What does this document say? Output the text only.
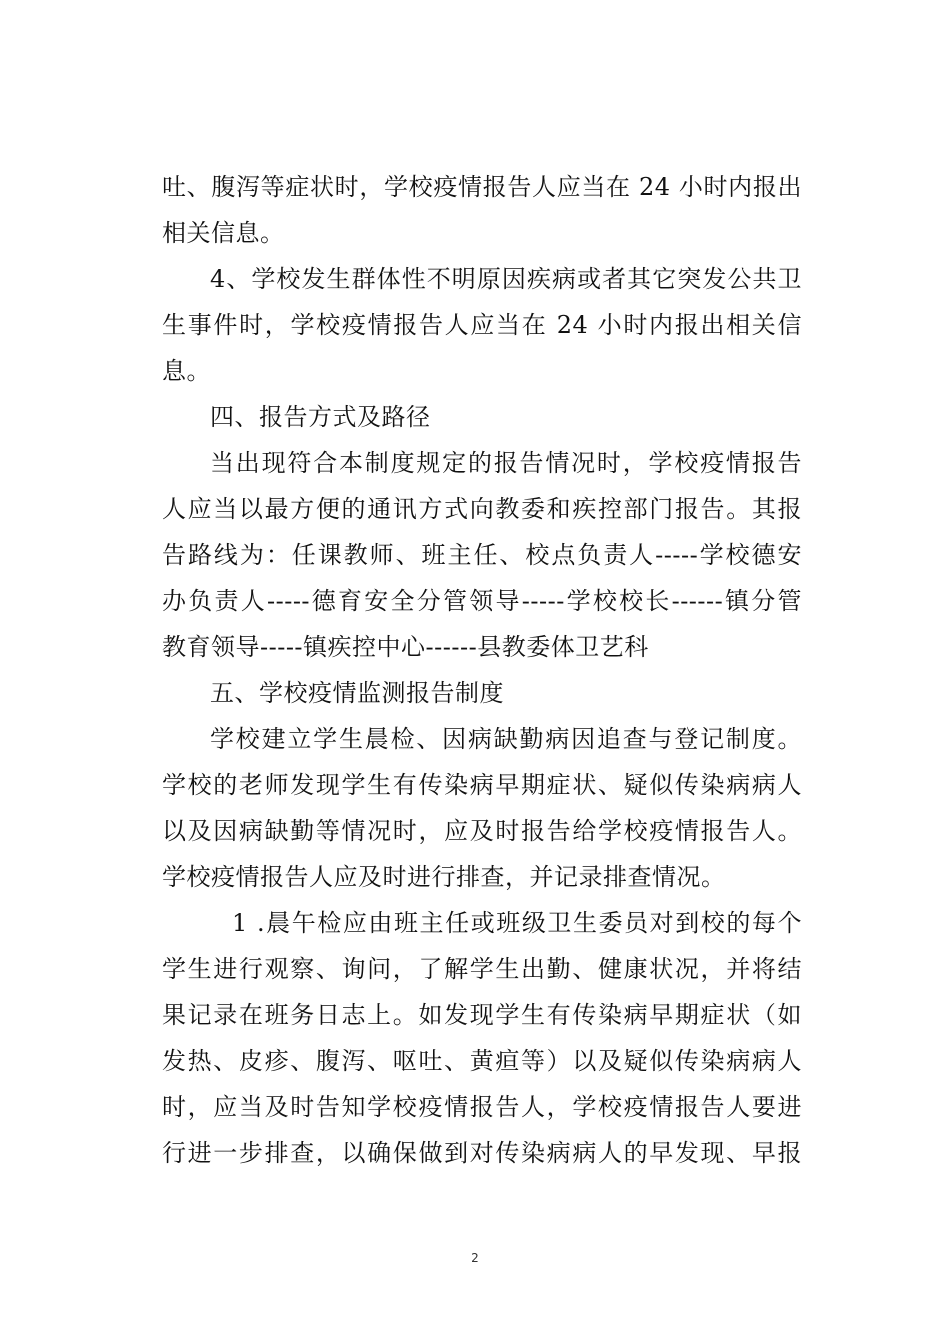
吐、腹泻等症状时，学校疫情报告人应当在 24 小时内报出
相关信息。
4、学校发生群体性不明原因疾病或者其它突发公共卫
生事件时，学校疫情报告人应当在 24 小时内报出相关信
息。
四、报告方式及路径
当出现符合本制度规定的报告情况时，学校疫情报告
人应当以最方便的通讯方式向教委和疾控部门报告。其报
告路线为：任课教师、班主任、校点负责人-----学校德安
办负责人-----德育安全分管领导-----学校校长------镇分管
教育领导-----镇疾控中心------县教委体卫艺科
五、学校疫情监测报告制度
学校建立学生晨检、因病缺勤病因追查与登记制度。
学校的老师发现学生有传染病早期症状、疑似传染病病人
以及因病缺勤等情况时，应及时报告给学校疫情报告人。
学校疫情报告人应及时进行排查，并记录排查情况。
1 .晨午检应由班主任或班级卫生委员对到校的每个
学生进行观察、询问，了解学生出勤、健康状况，并将结
果记录在班务日志上。如发现学生有传染病早期症状（如
发热、皮疹、腹泻、呕吐、黄疸等）以及疑似传染病病人
时，应当及时告知学校疫情报告人，学校疫情报告人要进
行进一步排查，以确保做到对传染病病人的早发现、早报
2
